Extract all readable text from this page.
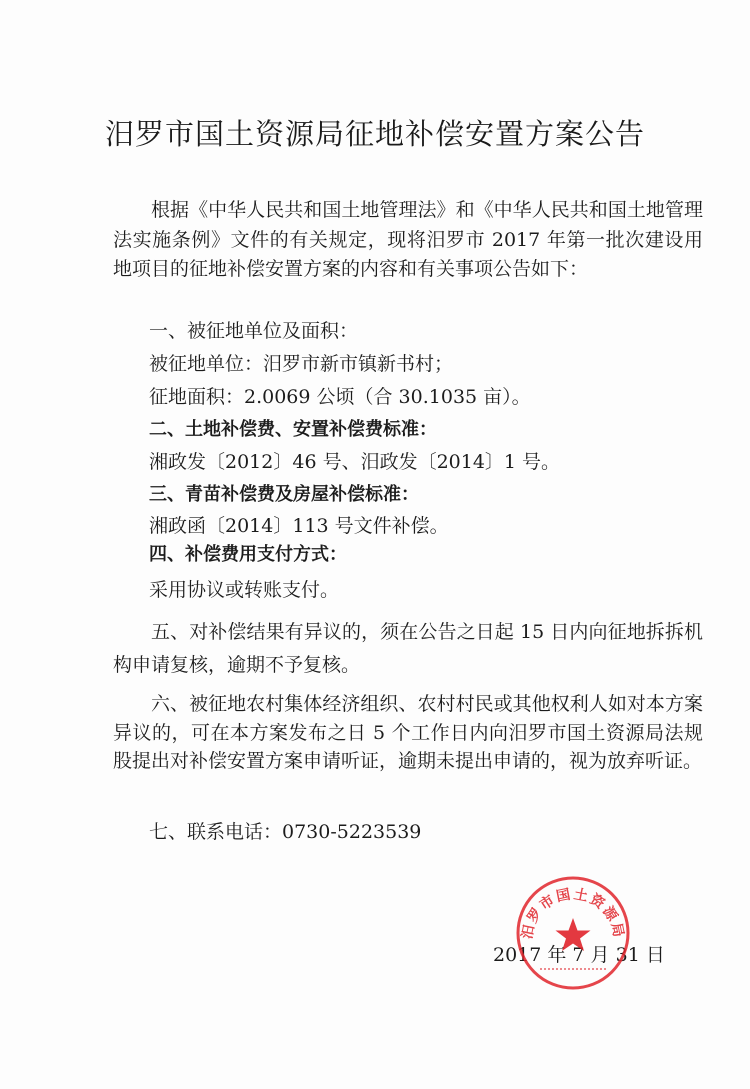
汨罗市国土资源局征地补偿安置方案公告

根据《中华人民共和国土地管理法》和《中华人民共和国土地管理法实施条例》文件的有关规定，现将汨罗市 2017 年第一批次建设用地项目的征地补偿安置方案的内容和有关事项公告如下：

一、被征地单位及面积：
被征地单位：汨罗市新市镇新书村；
征地面积：2.0069 公顷（合 30.1035 亩）。
二、土地补偿费、安置补偿费标准：
湘政发〔2012〕46 号、汨政发〔2014〕1 号。
三、青苗补偿费及房屋补偿标准：
湘政函〔2014〕113 号文件补偿。
四、补偿费用支付方式：
采用协议或转账支付。

五、对补偿结果有异议的，须在公告之日起 15 日内向征地拆拆机构申请复核，逾期不予复核。

六、被征地农村集体经济组织、农村村民或其他权利人如对本方案异议的，可在本方案发布之日 5 个工作日内向汨罗市国土资源局法规股提出对补偿安置方案申请听证，逾期未提出申请的，视为放弃听证。

七、联系电话：0730-5223539
2017 年 7 月 31 日
汨罗市国土资源局
